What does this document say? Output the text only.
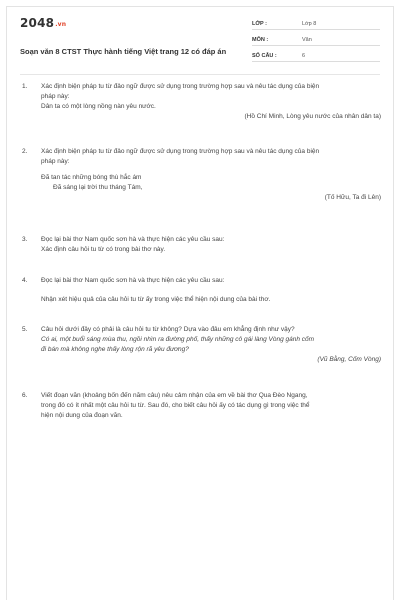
2048.vn
Soạn văn 8 CTST Thực hành tiếng Việt trang 12 có đáp án
LỚP :	Lớp 8
MÔN :	Văn
SỐ CÂU :	6
1. Xác định biện pháp tu từ đảo ngữ được sử dụng trong trường hợp sau và nêu tác dụng của biện

pháp này:

Dân ta có một lòng nồng nàn yêu nước.

(Hồ Chí Minh, Lòng yêu nước của nhân dân ta)

2. Xác định biện pháp tu từ đảo ngữ được sử dụng trong trường hợp sau và nêu tác dụng của biện

pháp này:

Đã tan tác những bóng thù hắc ám

Đã sáng lại trời thu tháng Tám,

(Tố Hữu, Ta đi Lên)

3. Đọc lại bài thơ Nam quốc sơn hà và thực hiện các yêu cầu sau:

Xác định câu hỏi tu từ có trong bài thơ này.

4. Đọc lại bài thơ Nam quốc sơn hà và thực hiện các yêu cầu sau:

Nhận xét hiệu quả của câu hỏi tu từ ấy trong việc thể hiện nội dung của bài thơ.

5. Câu hỏi dưới đây có phải là câu hỏi tu từ không? Dựa vào đâu em khẳng định như vậy?

Có ai, một buổi sáng mùa thu, ngồi nhìn ra đường phố, thấy những cô gái làng Vòng gánh cốm

đi bán mà không nghe thấy lòng rộn rã yêu đương?

(Vũ Bằng, Cốm Vòng)

6. Viết đoạn văn (khoảng bốn đến năm câu) nêu cảm nhận của em về bài thơ Qua Đèo Ngang,

trong đó có ít nhất một câu hỏi tu từ. Sau đó, cho biết câu hỏi ấy có tác dụng gì trong việc thể

hiện nội dung của đoạn văn.
